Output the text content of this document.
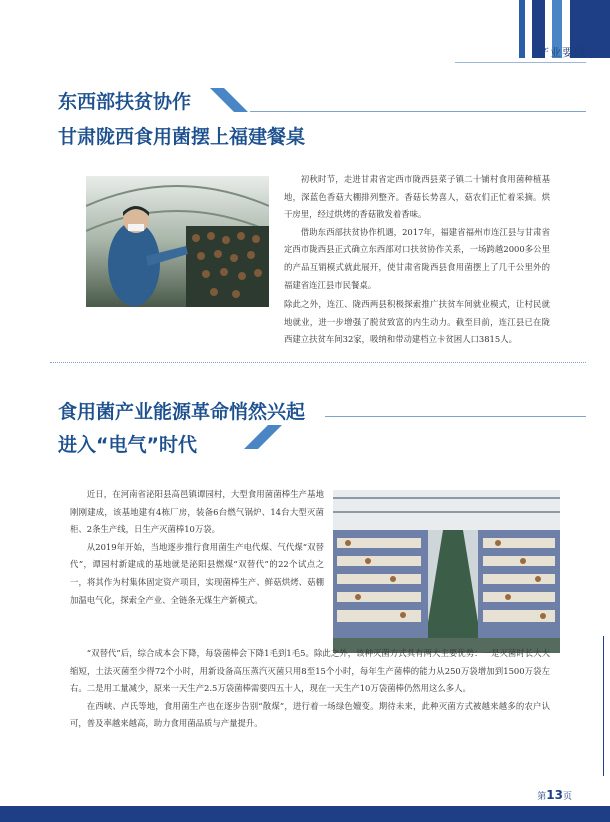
产业要闻
东西部扶贫协作
甘肃陇西食用菌摆上福建餐桌

初秋时节，走进甘肃省定西市陇西县菜子镇二十铺村食用菌种植基地，深蓝色香菇大棚排列整齐。香菇长势喜人，菇农们正忙着采摘。烘干房里，经过烘烤的香菇散发着香味。

借助东西部扶贫协作机遇，2017年，福建省福州市连江县与甘肃省定西市陇西县正式确立东西部对口扶贫协作关系，一场跨越2000多公里的产品互销模式就此展开，使甘肃省陇西县食用菌摆上了几千公里外的福建省连江县市民餐桌。

除此之外，连江、陇西两县积极探索推广扶贫车间就业模式，让村民就地就业，进一步增强了脱贫致富的内生动力。截至目前，连江县已在陇西建立扶贫车间32家，吸纳和带动建档立卡贫困人口3815人。

食用菌产业能源革命悄然兴起
进入“电气”时代

近日，在河南省泌阳县高邑镇谭园村，大型食用菌菌棒生产基地刚刚建成，该基地建有4栋厂房，装备6台燃气锅炉、14台大型灭菌柜、2条生产线，日生产灭菌棒10万袋。

从2019年开始，当地逐步推行食用菌生产电代煤、气代煤“双替代”，谭园村新建成的基地就是泌阳县燃煤“双替代”的22个试点之一，将其作为村集体固定资产项目，实现菌棒生产、鲜菇烘烤、菇棚加温电气化，探索全产业、全链条无煤生产新模式。

“双替代”后，综合成本会下降，每袋菌棒会下降1毛到1毛5。除此之外，该种灭菌方式具有两大主要优势：一是灭菌时长大大缩短，土法灭菌至少得72个小时，用新设备高压蒸汽灭菌只用8至15个小时，每年生产菌棒的能力从250万袋增加到1500万袋左右。二是用工量减少，原来一天生产2.5万袋菌棒需要四五十人，现在一天生产10万袋菌棒仍然用这么多人。

在西峡、卢氏等地，食用菌生产也在逐步告别“散煤”，进行着一场绿色嬗变。期待未来，此种灭菌方式被越来越多的农户认可，普及率越来越高，助力食用菌品质与产量提升。

第13页
